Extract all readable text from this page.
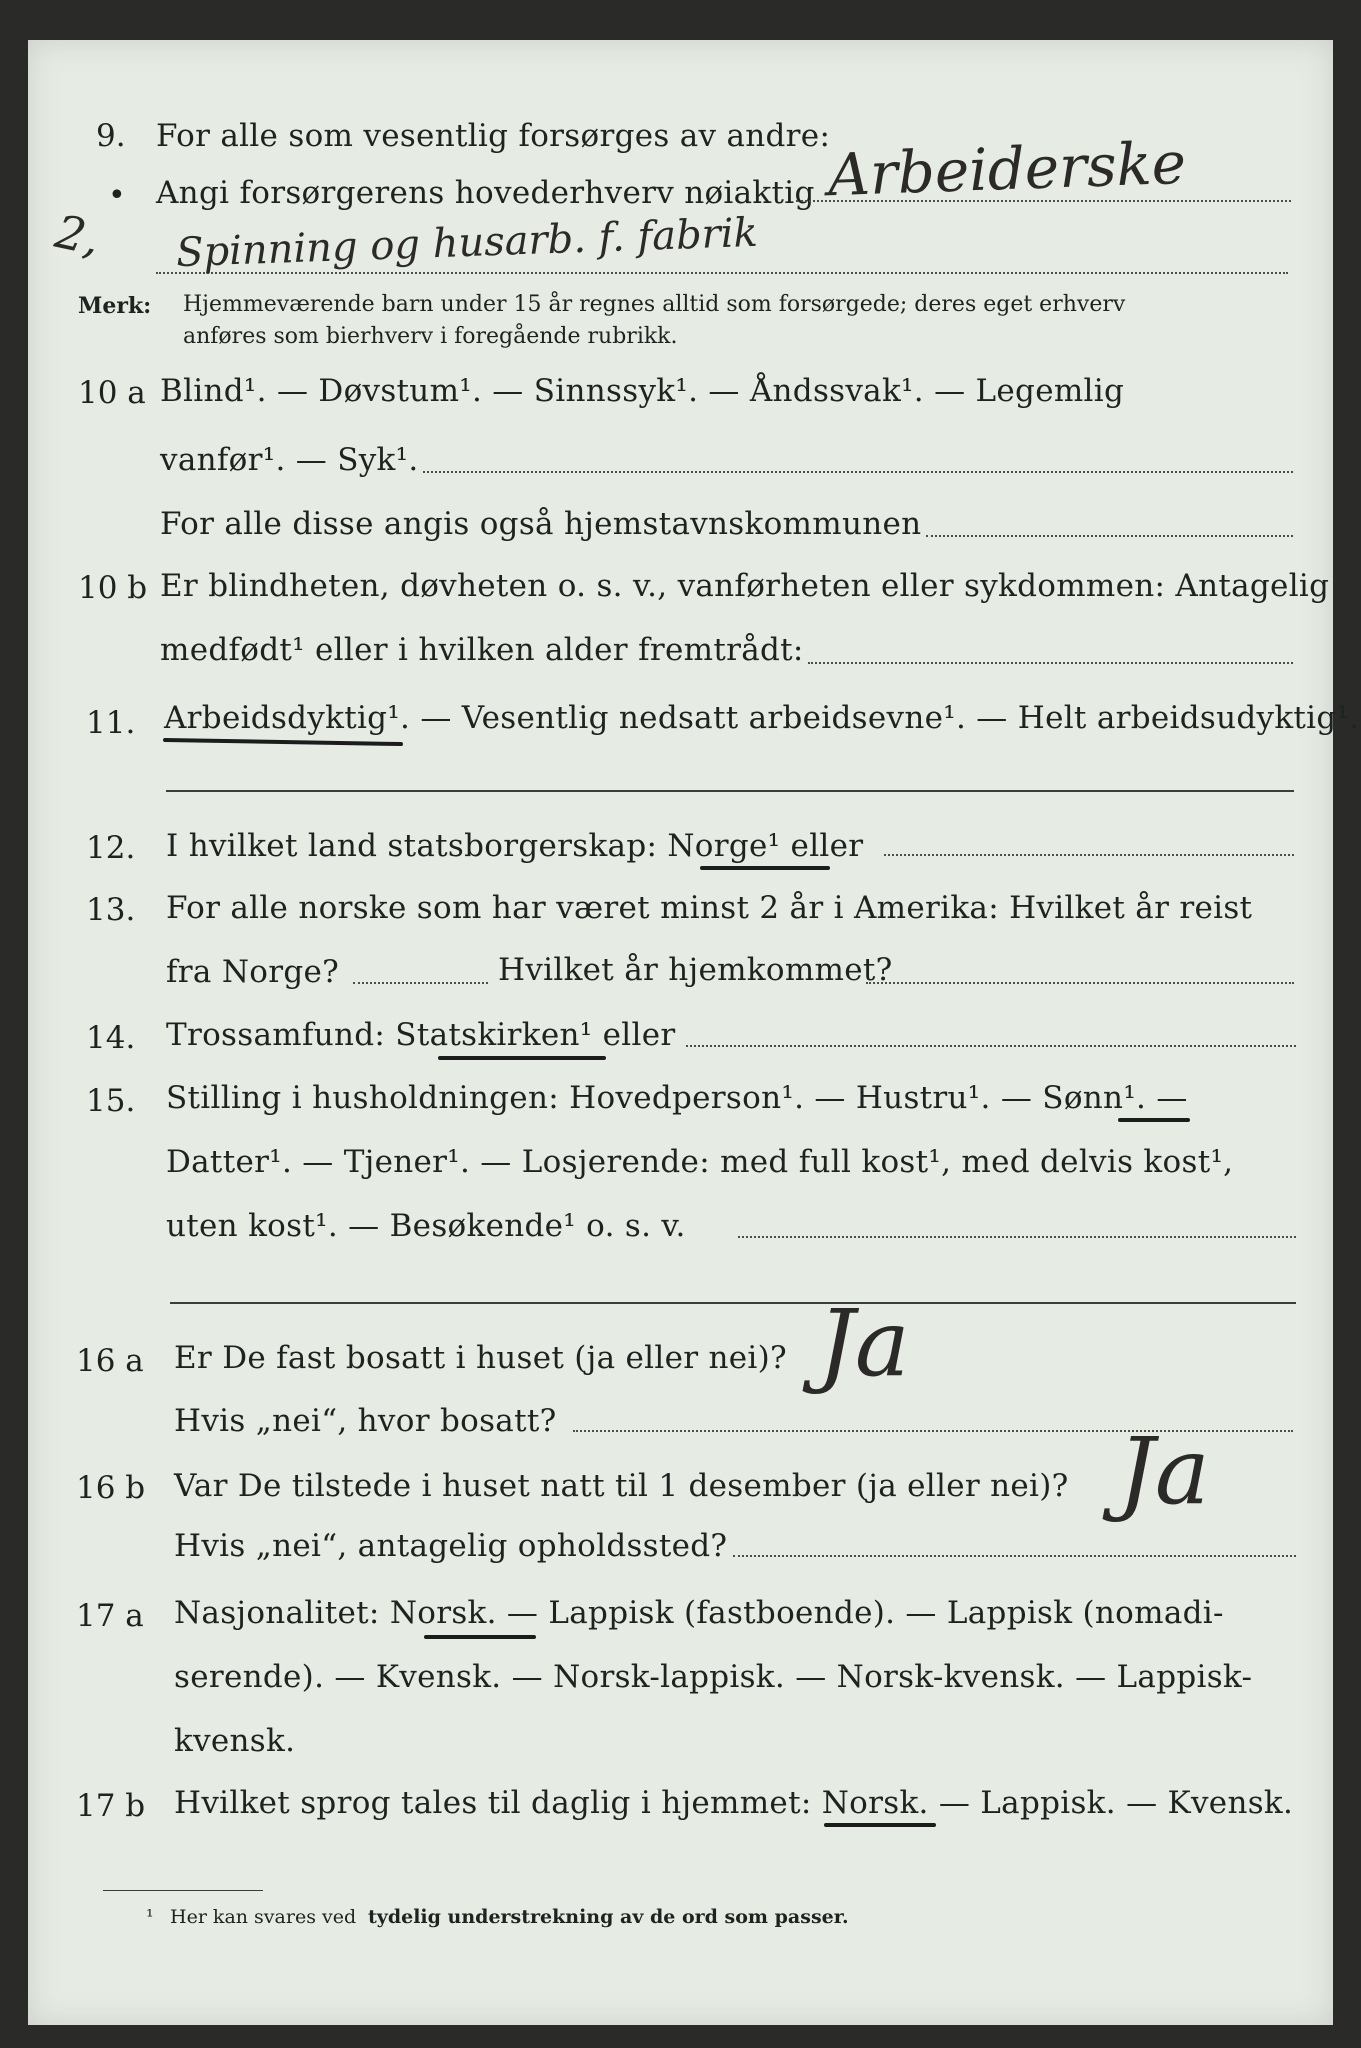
9. For alle som vesentlig forsørges av andre:
• Angi forsørgerens hovederhverv nøiaktig Arbeiderske
2, Spinning og husarb. f. fabrik
Merk: Hjemmeværende barn under 15 år regnes alltid som forsørgede; deres eget erhverv
anføres som bierhverv i foregående rubrikk.
10 a Blind¹. — Døvstum¹. — Sinnssyk¹. — Åndssvak¹. — Legemlig
vanfør¹. — Syk¹.
For alle disse angis også hjemstavnskommunen
10 b Er blindheten, døvheten o. s. v., vanførheten eller sykdommen: Antagelig
medfødt¹ eller i hvilken alder fremtrådt:
11. Arbeidsdyktig¹. — Vesentlig nedsatt arbeidsevne¹. — Helt arbeidsudyktig¹.
12. I hvilket land statsborgerskap: Norge¹ eller
13. For alle norske som har været minst 2 år i Amerika: Hvilket år reist
fra Norge?	Hvilket år hjemkommet?
14. Trossamfund: Statskirken¹ eller
15. Stilling i husholdningen: Hovedperson¹. — Hustru¹. — Sønn¹. —
Datter¹. — Tjener¹. — Losjerende: med full kost¹, med delvis kost¹,
uten kost¹. — Besøkende¹ o. s. v.
16 a Er De fast bosatt i huset (ja eller nei)? Ja
Hvis „nei“, hvor bosatt?
16 b Var De tilstede i huset natt til 1 desember (ja eller nei)? Ja
Hvis „nei“, antagelig opholdssted?
17 a Nasjonalitet: Norsk. — Lappisk (fastboende). — Lappisk (nomadi-
serende). — Kvensk. — Norsk-lappisk. — Norsk-kvensk. — Lappisk-
kvensk.
17 b Hvilket sprog tales til daglig i hjemmet: Norsk. — Lappisk. — Kvensk.
¹ Her kan svares ved tydelig understrekning av de ord som passer.
